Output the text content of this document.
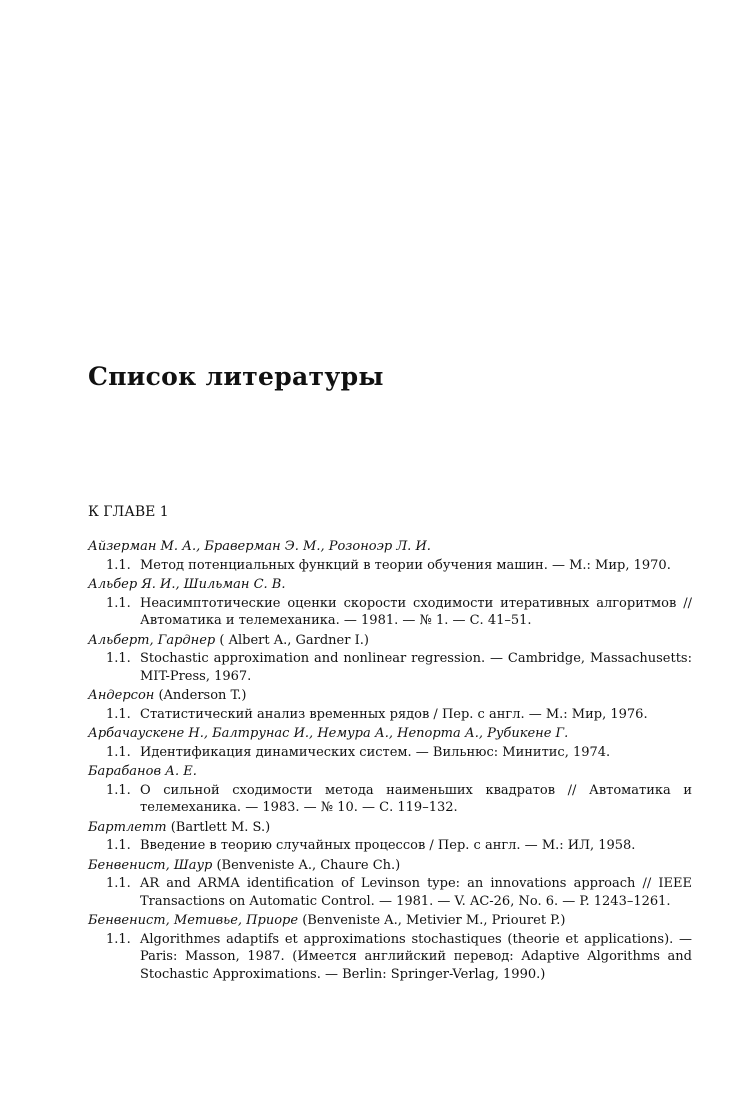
Список литературы
К ГЛАВЕ 1
Айзерман М. А., Браверман Э. М., Розоноэр Л. И.
1.1. Метод потенциальных функций в теории обучения машин. — М.: Мир, 1970.
Альбер Я. И., Шильман С. В.
1.1. Неасимптотические оценки скорости сходимости итеративных алгоритмов // Автоматика и телемеханика. — 1981. — № 1. — С. 41–51.
Альберт, Гарднер ( Albert A., Gardner I.)
1.1. Stochastic approximation and nonlinear regression. — Cambridge, Massachusetts: MIT-Press, 1967.
Андерсон (Anderson T.)
1.1. Статистический анализ временных рядов / Пер. с англ. — М.: Мир, 1976.
Арбачаускене Н., Балтрунас И., Немура А., Непорта А., Рубикене Г.
1.1. Идентификация динамических систем. — Вильнюс: Минитис, 1974.
Барабанов А. Е.
1.1. О сильной сходимости метода наименьших квадратов // Автоматика и телемеханика. — 1983. — № 10. — С. 119–132.
Бартлетт (Bartlett M. S.)
1.1. Введение в теорию случайных процессов / Пер. с англ. — М.: ИЛ, 1958.
Бенвенист, Шаур (Benveniste A., Chaure Ch.)
1.1. AR and ARMA identification of Levinson type: an innovations approach // IEEE Transactions on Automatic Control. — 1981. — V. AC-26, No. 6. — P. 1243–1261.
Бенвенист, Метивье, Приоре (Benveniste A., Metivier M., Priouret P.)
1.1. Algorithmes adaptifs et approximations stochastiques (theorie et applications). — Paris: Masson, 1987. (Имеется английский перевод: Adaptive Algorithms and Stochastic Approximations. — Berlin: Springer-Verlag, 1990.)
